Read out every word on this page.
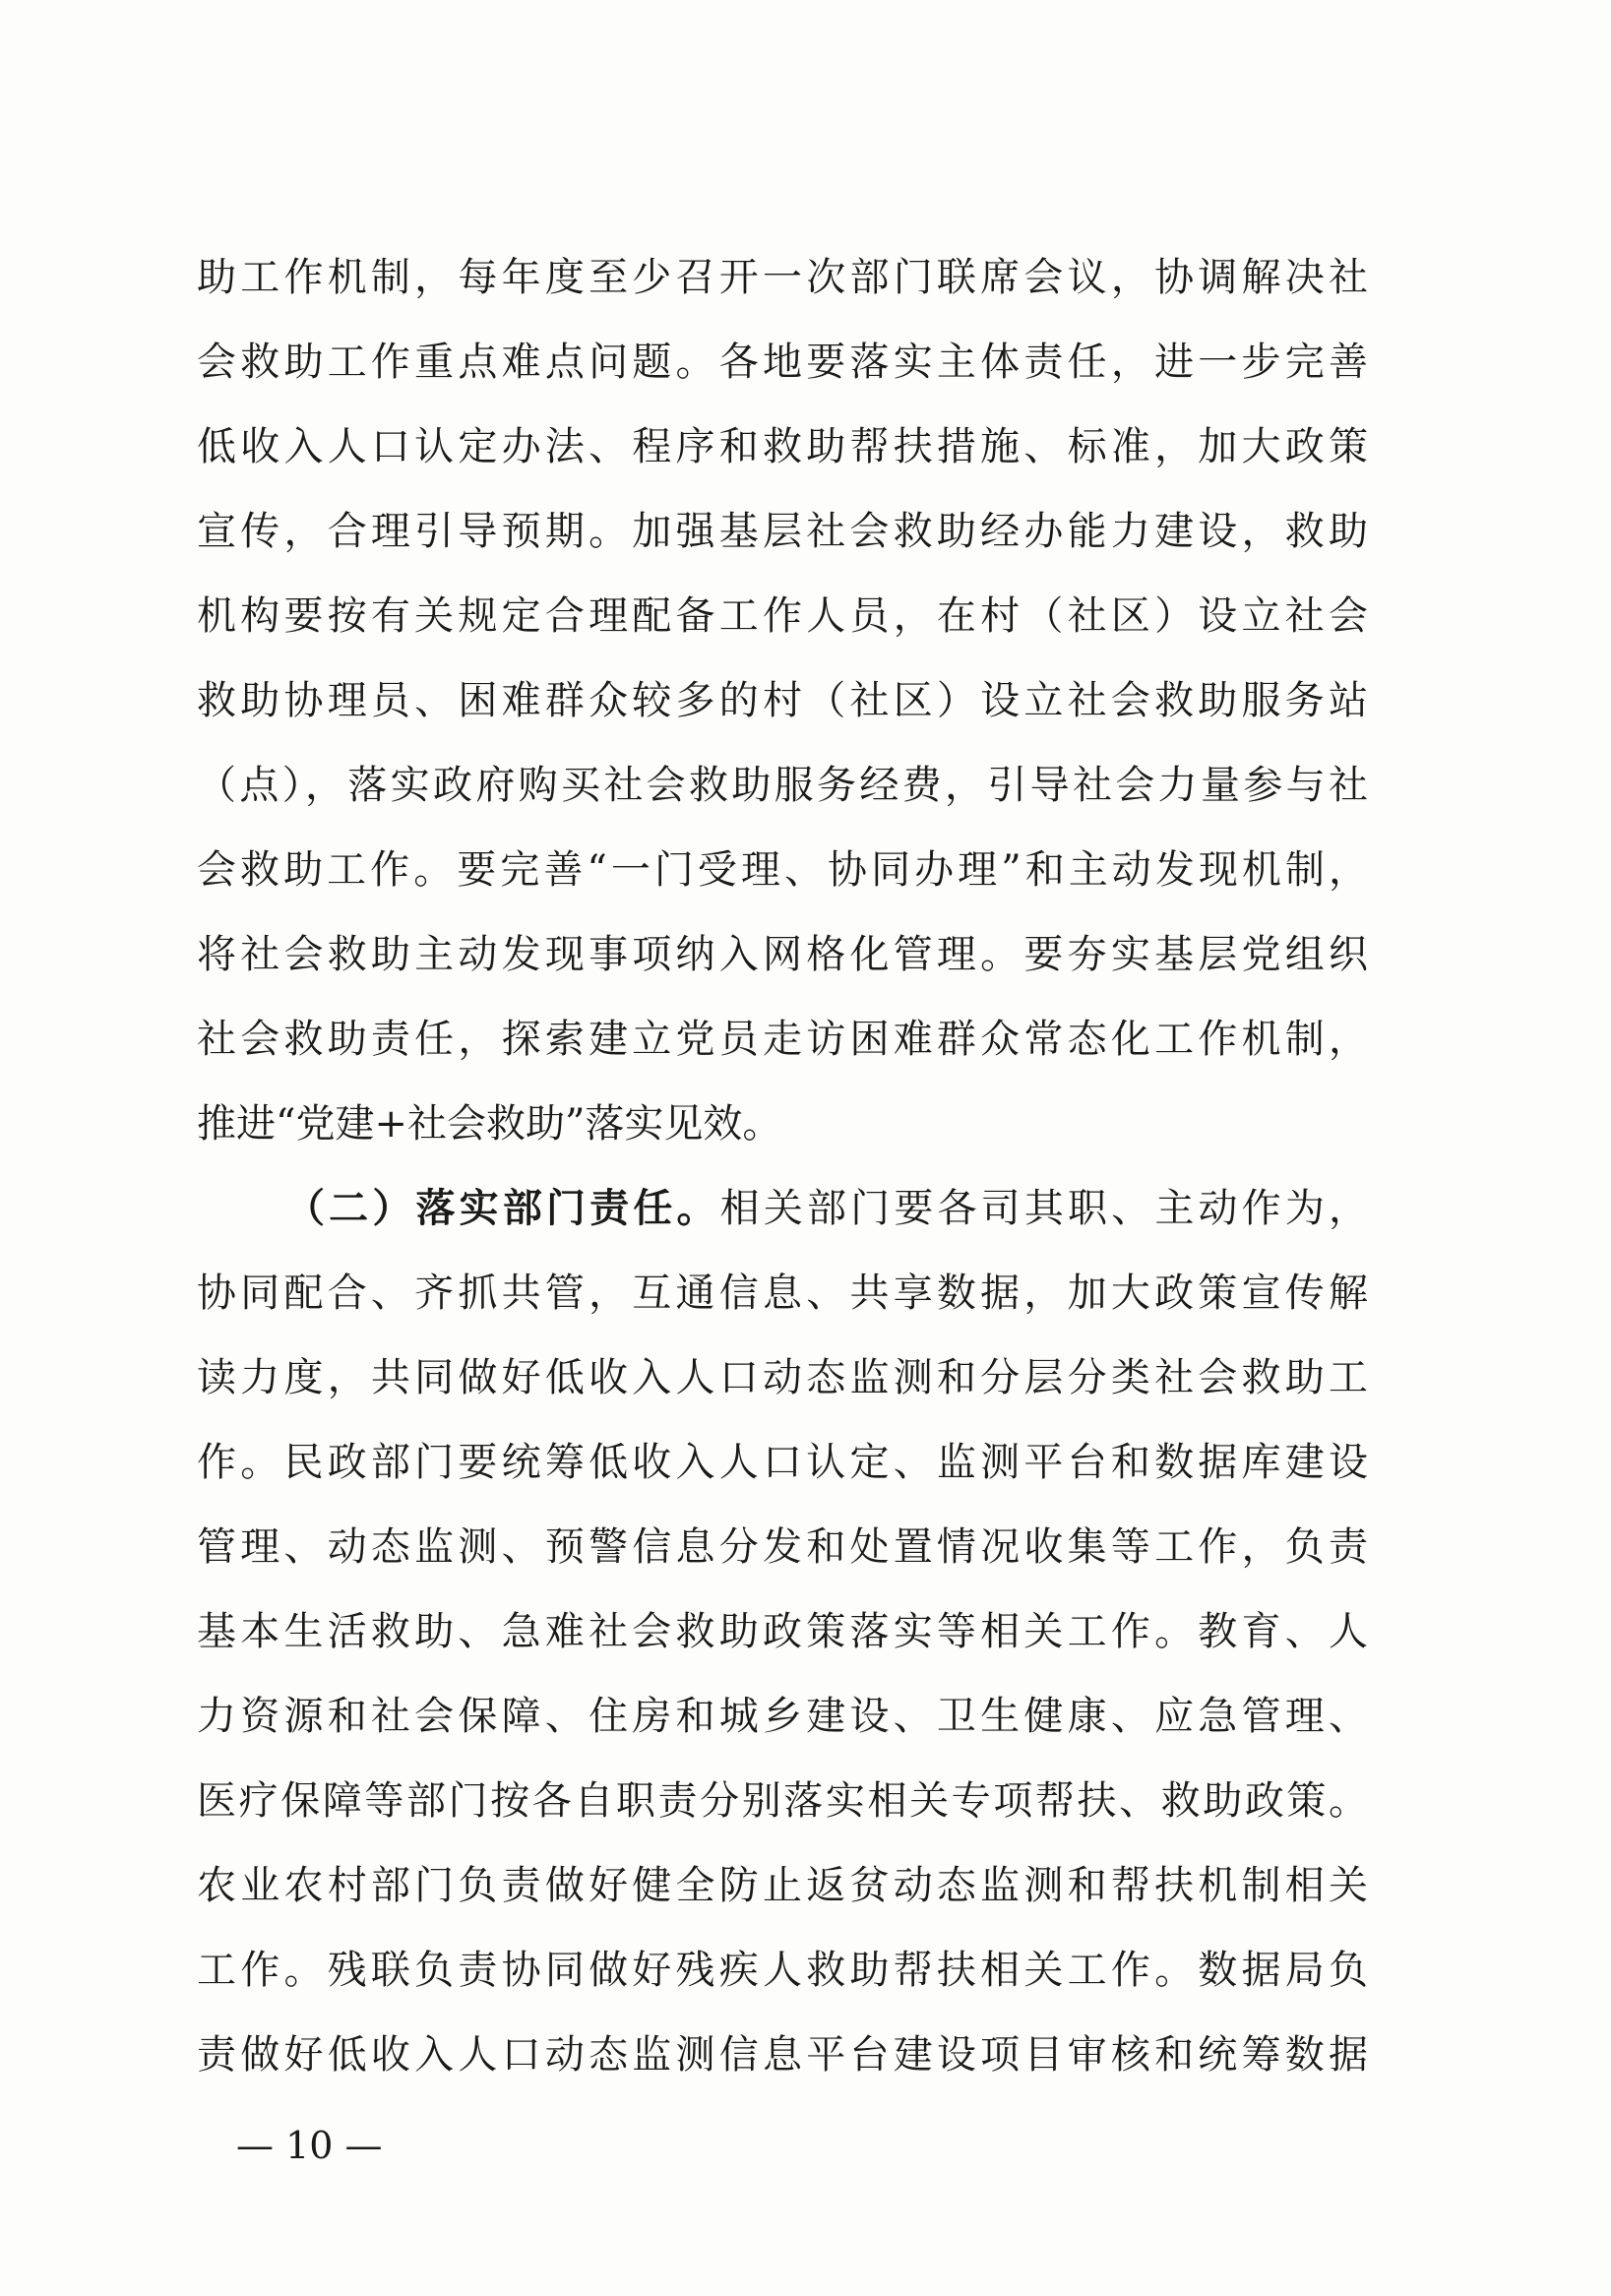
助工作机制，每年度至少召开一次部门联席会议，协调解决社
会救助工作重点难点问题。各地要落实主体责任，进一步完善
低收入人口认定办法、程序和救助帮扶措施、标准，加大政策
宣传，合理引导预期。加强基层社会救助经办能力建设，救助
机构要按有关规定合理配备工作人员，在村（社区）设立社会
救助协理员、困难群众较多的村（社区）设立社会救助服务站
（点），落实政府购买社会救助服务经费，引导社会力量参与社
会救助工作。要完善“一门受理、协同办理”和主动发现机制，
将社会救助主动发现事项纳入网格化管理。要夯实基层党组织
社会救助责任，探索建立党员走访困难群众常态化工作机制，
推进“党建+社会救助”落实见效。
（二）落实部门责任。相关部门要各司其职、主动作为，
协同配合、齐抓共管，互通信息、共享数据，加大政策宣传解
读力度，共同做好低收入人口动态监测和分层分类社会救助工
作。民政部门要统筹低收入人口认定、监测平台和数据库建设
管理、动态监测、预警信息分发和处置情况收集等工作，负责
基本生活救助、急难社会救助政策落实等相关工作。教育、人
力资源和社会保障、住房和城乡建设、卫生健康、应急管理、
医疗保障等部门按各自职责分别落实相关专项帮扶、救助政策。
农业农村部门负责做好健全防止返贫动态监测和帮扶机制相关
工作。残联负责协同做好残疾人救助帮扶相关工作。数据局负
责做好低收入人口动态监测信息平台建设项目审核和统筹数据
— 10 —
